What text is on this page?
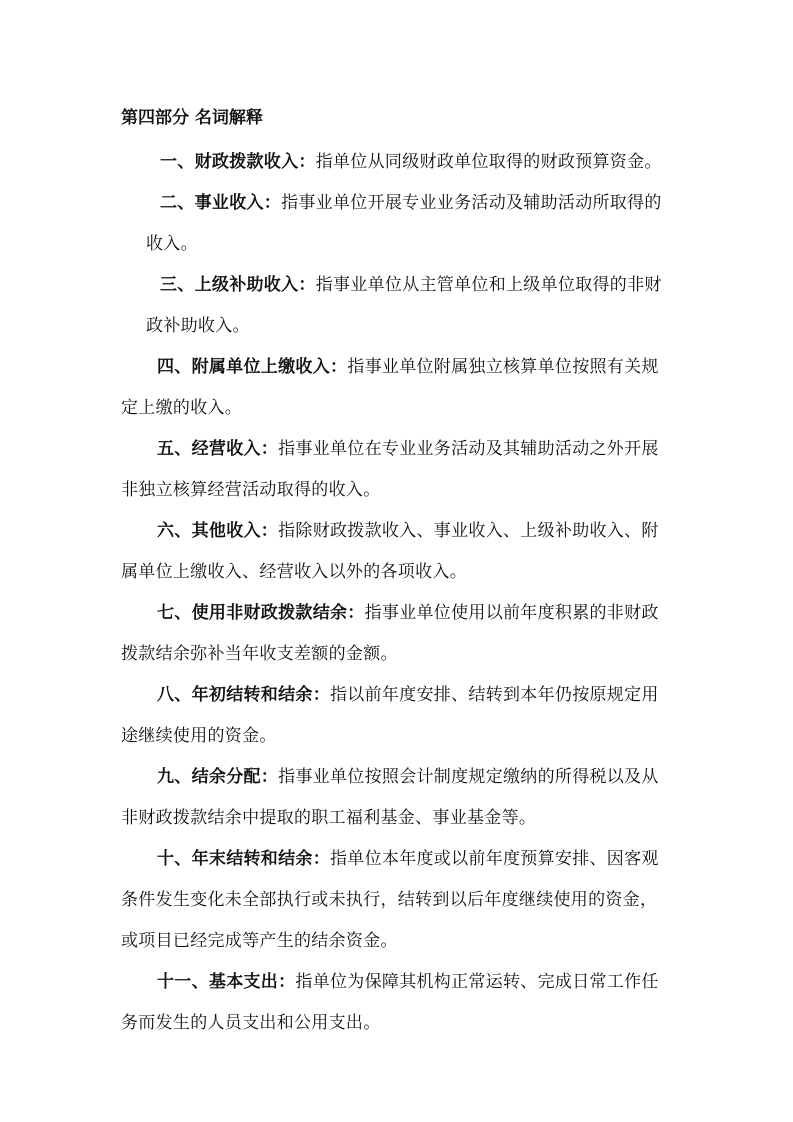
第四部分 名词解释
一、财政拨款收入：指单位从同级财政单位取得的财政预算资金。
二、事业收入：指事业单位开展专业业务活动及辅助活动所取得的
收入。
三、上级补助收入：指事业单位从主管单位和上级单位取得的非财
政补助收入。
四、附属单位上缴收入：指事业单位附属独立核算单位按照有关规
定上缴的收入。
五、经营收入：指事业单位在专业业务活动及其辅助活动之外开展
非独立核算经营活动取得的收入。
六、其他收入：指除财政拨款收入、事业收入、上级补助收入、附
属单位上缴收入、经营收入以外的各项收入。
七、使用非财政拨款结余：指事业单位使用以前年度积累的非财政
拨款结余弥补当年收支差额的金额。
八、年初结转和结余：指以前年度安排、结转到本年仍按原规定用
途继续使用的资金。
九、结余分配：指事业单位按照会计制度规定缴纳的所得税以及从
非财政拨款结余中提取的职工福利基金、事业基金等。
十、年末结转和结余：指单位本年度或以前年度预算安排、因客观
条件发生变化未全部执行或未执行，结转到以后年度继续使用的资金，
或项目已经完成等产生的结余资金。
十一、基本支出：指单位为保障其机构正常运转、完成日常工作任
务而发生的人员支出和公用支出。
